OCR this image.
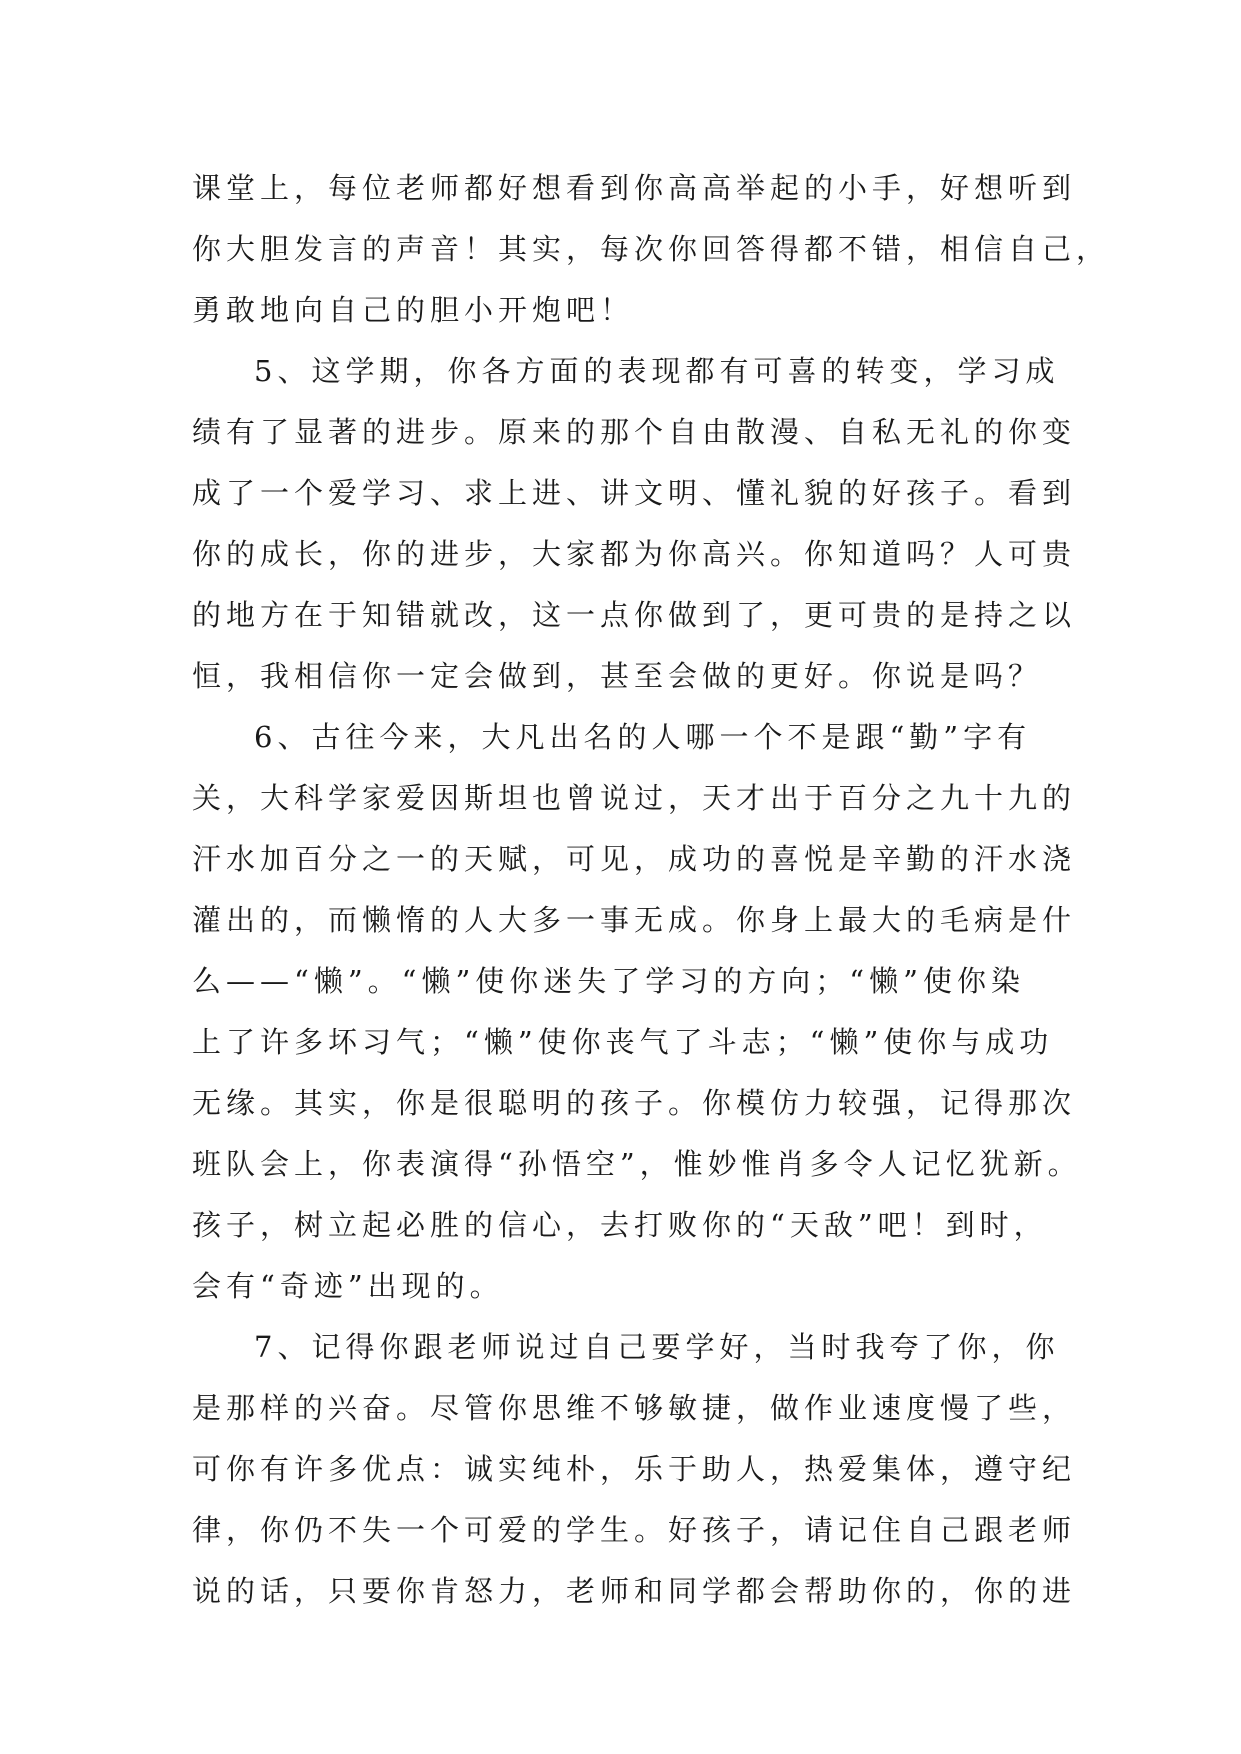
课堂上，每位老师都好想看到你高高举起的小手，好想听到
你大胆发言的声音！其实，每次你回答得都不错，相信自己，
勇敢地向自己的胆小开炮吧！
5、这学期，你各方面的表现都有可喜的转变，学习成
绩有了显著的进步。原来的那个自由散漫、自私无礼的你变
成了一个爱学习、求上进、讲文明、懂礼貌的好孩子。看到
你的成长，你的进步，大家都为你高兴。你知道吗？人可贵
的地方在于知错就改，这一点你做到了，更可贵的是持之以
恒，我相信你一定会做到，甚至会做的更好。你说是吗？
6、古往今来，大凡出名的人哪一个不是跟“勤”字有
关，大科学家爱因斯坦也曾说过，天才出于百分之九十九的
汗水加百分之一的天赋，可见，成功的喜悦是辛勤的汗水浇
灌出的，而懒惰的人大多一事无成。你身上最大的毛病是什
么——“懒”。“懒”使你迷失了学习的方向；“懒”使你染
上了许多坏习气；“懒”使你丧气了斗志；“懒”使你与成功
无缘。其实，你是很聪明的孩子。你模仿力较强，记得那次
班队会上，你表演得“孙悟空”，惟妙惟肖多令人记忆犹新。
孩子，树立起必胜的信心，去打败你的“天敌”吧！到时，
会有“奇迹”出现的。
7、记得你跟老师说过自己要学好，当时我夸了你，你
是那样的兴奋。尽管你思维不够敏捷，做作业速度慢了些，
可你有许多优点：诚实纯朴，乐于助人，热爱集体，遵守纪
律，你仍不失一个可爱的学生。好孩子，请记住自己跟老师
说的话，只要你肯怒力，老师和同学都会帮助你的，你的进
